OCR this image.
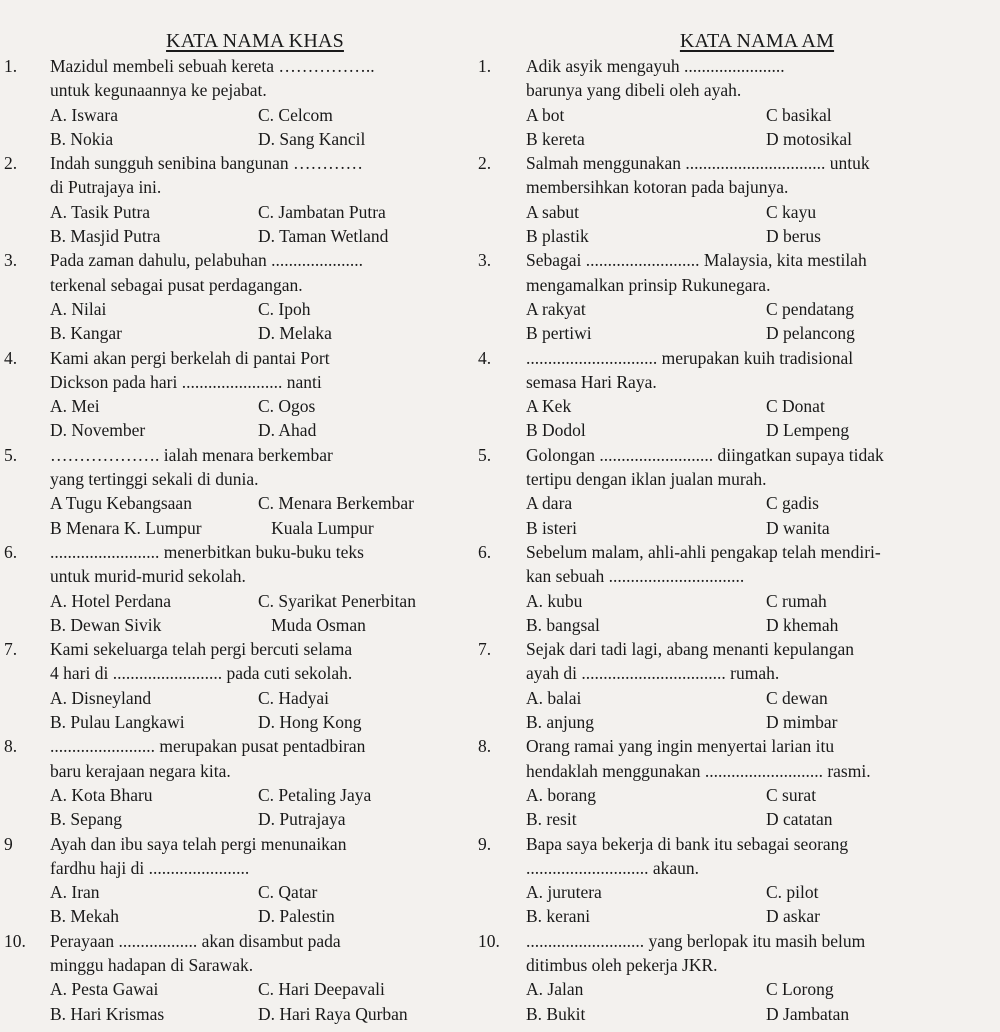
KATA NAMA KHAS
1.	Mazidul membeli sebuah kereta ……………..
untuk kegunaannya ke pejabat.
A. Iswara	C. Celcom
B. Nokia	D. Sang Kancil
2.	Indah sungguh senibina bangunan …………
di Putrajaya ini.
A. Tasik Putra	C. Jambatan Putra
B. Masjid Putra	D. Taman Wetland
3.	Pada zaman dahulu, pelabuhan .....................
terkenal sebagai pusat perdagangan.
A. Nilai	C. Ipoh
B. Kangar	D. Melaka
4.	Kami akan pergi berkelah di pantai Port
Dickson pada hari ....................... nanti
A. Mei	C. Ogos
D. November	D. Ahad
5.	………………. ialah menara berkembar
yang tertinggi sekali di dunia.
A Tugu Kebangsaan	C. Menara Berkembar
B Menara K. Lumpur	Kuala Lumpur
6.	......................... menerbitkan buku-buku teks
untuk murid-murid sekolah.
A. Hotel Perdana	C. Syarikat Penerbitan
B. Dewan Sivik	Muda Osman
7.	Kami sekeluarga telah pergi bercuti selama
4 hari di ......................... pada cuti sekolah.
A. Disneyland	C. Hadyai
B. Pulau Langkawi	D. Hong Kong
8.	........................ merupakan pusat pentadbiran
baru kerajaan negara kita.
A. Kota Bharu	C. Petaling Jaya
B. Sepang	D. Putrajaya
9	Ayah dan ibu saya telah pergi menunaikan
fardhu haji di .......................
A. Iran	C. Qatar
B. Mekah	D. Palestin
10.	Perayaan .................. akan disambut pada
minggu hadapan di Sarawak.
A. Pesta Gawai	C. Hari Deepavali
B. Hari Krismas	D. Hari Raya Qurban
KATA NAMA AM
1.	Adik asyik mengayuh .......................
barunya yang dibeli oleh ayah.
A bot	C basikal
B kereta	D motosikal
2.	Salmah menggunakan ................................ untuk
membersihkan kotoran pada bajunya.
A sabut	C kayu
B plastik	D berus
3.	Sebagai .......................... Malaysia, kita mestilah
mengamalkan prinsip Rukunegara.
A rakyat	C pendatang
B pertiwi	D pelancong
4.	.............................. merupakan kuih tradisional
semasa Hari Raya.
A Kek	C Donat
B Dodol	D Lempeng
5.	Golongan .......................... diingatkan supaya tidak
tertipu dengan iklan jualan murah.
A dara	C gadis
B isteri	D wanita
6.	Sebelum malam, ahli-ahli pengakap telah mendiri-
kan sebuah ...............................
A. kubu	C rumah
B. bangsal	D khemah
7.	Sejak dari tadi lagi, abang menanti kepulangan
ayah di ................................. rumah.
A. balai	C dewan
B. anjung	D mimbar
8.	Orang ramai yang ingin menyertai larian itu
hendaklah menggunakan ........................... rasmi.
A. borang	C surat
B. resit	D catatan
9.	Bapa saya bekerja di bank itu sebagai seorang
............................ akaun.
A. jurutera	C. pilot
B. kerani	D askar
10.	........................... yang berlopak itu masih belum
ditimbus oleh pekerja JKR.
A. Jalan	C Lorong
B. Bukit	D Jambatan
